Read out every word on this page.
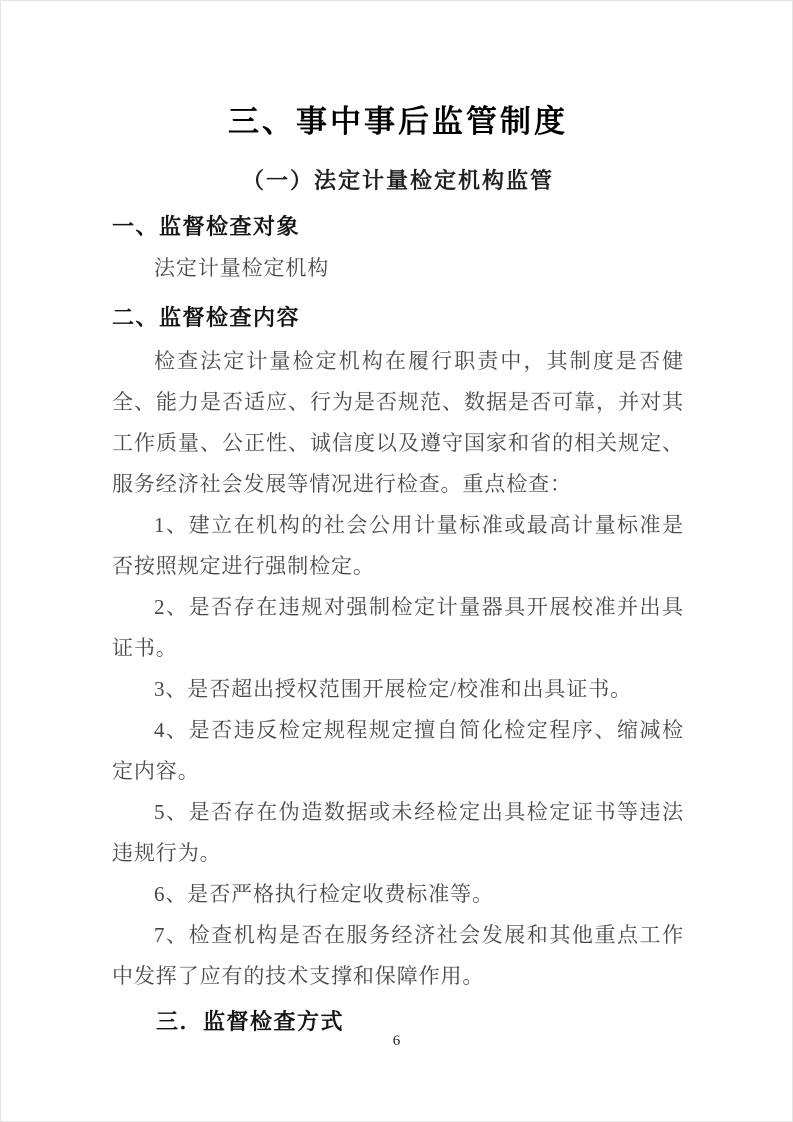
三、事中事后监管制度
（一）法定计量检定机构监管

一、监督检查对象

法定计量检定机构

二、监督检查内容

检查法定计量检定机构在履行职责中，其制度是否健全、能力是否适应、行为是否规范、数据是否可靠，并对其工作质量、公正性、诚信度以及遵守国家和省的相关规定、服务经济社会发展等情况进行检查。重点检查：

1、建立在机构的社会公用计量标准或最高计量标准是否按照规定进行强制检定。

2、是否存在违规对强制检定计量器具开展校准并出具证书。

3、是否超出授权范围开展检定/校准和出具证书。

4、是否违反检定规程规定擅自简化检定程序、缩减检定内容。

5、是否存在伪造数据或未经检定出具检定证书等违法违规行为。

6、是否严格执行检定收费标准等。

7、检查机构是否在服务经济社会发展和其他重点工作中发挥了应有的技术支撑和保障作用。

三．监督检查方式

6
